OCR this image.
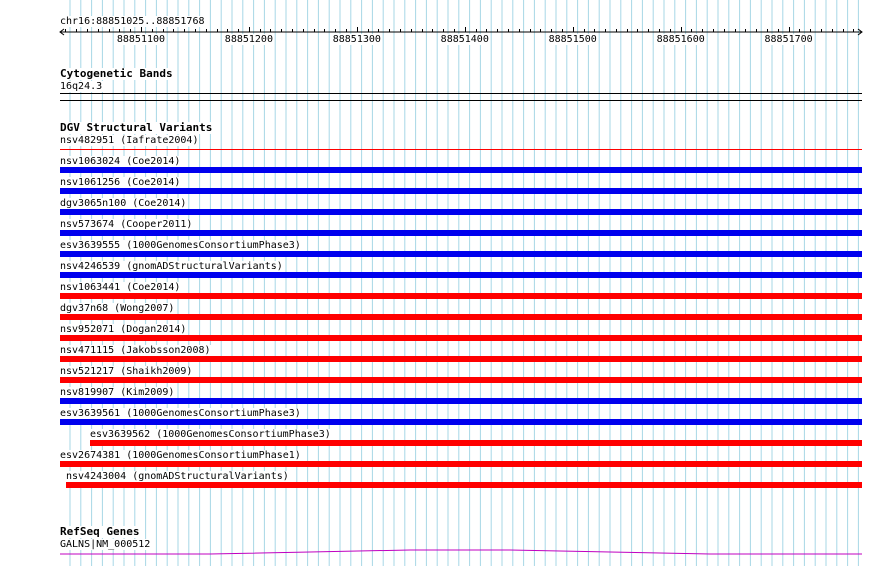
chr16:88851025..88851768
88851100	88851200	88851300	88851400	88851500	88851600	88851700
Cytogenetic Bands
16q24.3
DGV Structural Variants
nsv482951 (Iafrate2004)
nsv1063024 (Coe2014)
nsv1061256 (Coe2014)
dgv3065n100 (Coe2014)
nsv573674 (Cooper2011)
esv3639555 (1000GenomesConsortiumPhase3)
nsv4246539 (gnomADStructuralVariants)
nsv1063441 (Coe2014)
dgv37n68 (Wong2007)
nsv952071 (Dogan2014)
nsv471115 (Jakobsson2008)
nsv521217 (Shaikh2009)
nsv819907 (Kim2009)
esv3639561 (1000GenomesConsortiumPhase3)
esv3639562 (1000GenomesConsortiumPhase3)
esv2674381 (1000GenomesConsortiumPhase1)
nsv4243004 (gnomADStructuralVariants)
RefSeq Genes
GALNS|NM_000512
